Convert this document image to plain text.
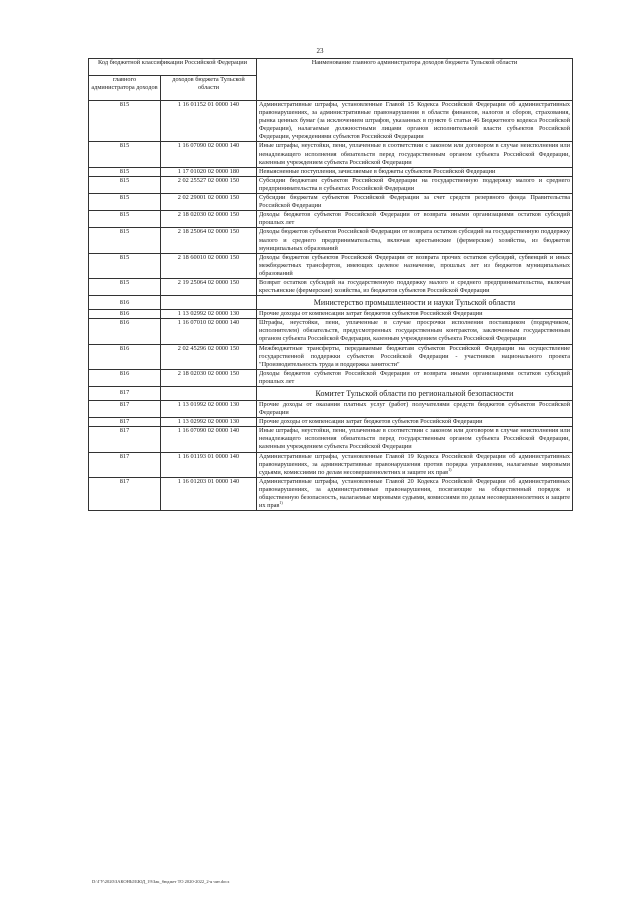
23
Код бюджетной классификации Российской Федерации		Наименование главного администратора доходов бюджета Тульской области
главного администратора доходов	доходов бюджета Тульской области	
815	1 16 01152 01 0000 140	Административные штрафы, установленные Главой 15 Кодекса Российской Федерации об административных правонарушениях, за административные правонарушения в области финансов, налогов и сборов, страхования, рынка ценных бумаг (за исключением штрафов, указанных в пункте 6 статьи 46 Бюджетного кодекса Российской Федерации), налагаемые должностными лицами органов исполнительной власти субъектов Российской Федерации, учреждениями субъектов Российской Федерации
815	1 16 07090 02 0000 140	Иные штрафы, неустойки, пени, уплаченные в соответствии с законом или договором в случае неисполнения или ненадлежащего исполнения обязательств перед государственным органом субъекта Российской Федерации, казенным учреждением субъекта Российской Федерации
815	1 17 01020 02 0000 180	Невыясненные поступления, зачисляемые в бюджеты субъектов Российской Федерации
815	2 02 25527 02 0000 150	Субсидии бюджетам субъектов Российской Федерации на государственную поддержку малого и среднего предпринимательства в субъектах Российской Федерации
815	2 02 29001 02 0000 150	Субсидии бюджетам субъектов Российской Федерации за счет средств резервного фонда Правительства Российской Федерации
815	2 18 02030 02 0000 150	Доходы бюджетов субъектов Российской Федерации от возврата иными организациями остатков субсидий прошлых лет
815	2 18 25064 02 0000 150	Доходы бюджетов субъектов Российской Федерации от возврата остатков субсидий на государственную поддержку малого и среднего предпринимательства, включая крестьянские (фермерские) хозяйства, из бюджетов муниципальных образований
815	2 18 60010 02 0000 150	Доходы бюджетов субъектов Российской Федерации от возврата прочих остатков субсидий, субвенций и иных межбюджетных трансфертов, имеющих целевое назначение, прошлых лет из бюджетов муниципальных образований
815	2 19 25064 02 0000 150	Возврат остатков субсидий на государственную поддержку малого и среднего предпринимательства, включая крестьянские (фермерские) хозяйства, из бюджетов субъектов Российской Федерации
816		Министерство промышленности и науки Тульской области
816	1 13 02992 02 0000 130	Прочие доходы от компенсации затрат бюджетов субъектов Российской Федерации
816	1 16 07010 02 0000 140	Штрафы, неустойки, пени, уплаченные в случае просрочки исполнения поставщиком (подрядчиком, исполнителем) обязательств, предусмотренных государственным контрактом, заключенным государственным органом субъекта Российской Федерации, казенным учреждением субъекта Российской Федерации
816	2 02 45296 02 0000 150	Межбюджетные трансферты, передаваемые бюджетам субъектов Российской Федерации на осуществление государственной поддержки субъектов Российской Федерации - участников национального проекта "Производительность труда и поддержка занятости"
816	2 18 02030 02 0000 150	Доходы бюджетов субъектов Российской Федерации от возврата иными организациями остатков субсидий прошлых лет
817		Комитет Тульской области по региональной безопасности
817	1 13 01992 02 0000 130	Прочие доходы от оказания платных услуг (работ) получателями средств бюджетов субъектов Российской Федерации
817	1 13 02992 02 0000 130	Прочие доходы от компенсации затрат бюджетов субъектов Российской Федерации
817	1 16 07090 02 0000 140	Иные штрафы, неустойки, пени, уплаченные в соответствии с законом или договором в случае неисполнения или ненадлежащего исполнения обязательств перед государственным органом субъекта Российской Федерации, казенным учреждением субъекта Российской Федерации
817	1 16 01193 01 0000 140	Административные штрафы, установленные Главой 19 Кодекса Российской Федерации об административных правонарушениях, за административные правонарушения против порядка управления, налагаемые мировыми судьями, комиссиями по делам несовершеннолетних и защите их прав$^{1)}$
817	1 16 01203 01 0000 140	Административные штрафы, установленные Главой 20 Кодекса Российской Федерации об административных правонарушениях, за административные правонарушения, посягающие на общественный порядок и общественную безопасность, налагаемые мировыми судьями, комиссиями по делам несовершеннолетних и защите их прав$^{1)}$
D:\ГУ\2020\ЗАКОНЫ\БЮД_19\Зак_бюджет ТО 2020-2022_2-я чит.docx
